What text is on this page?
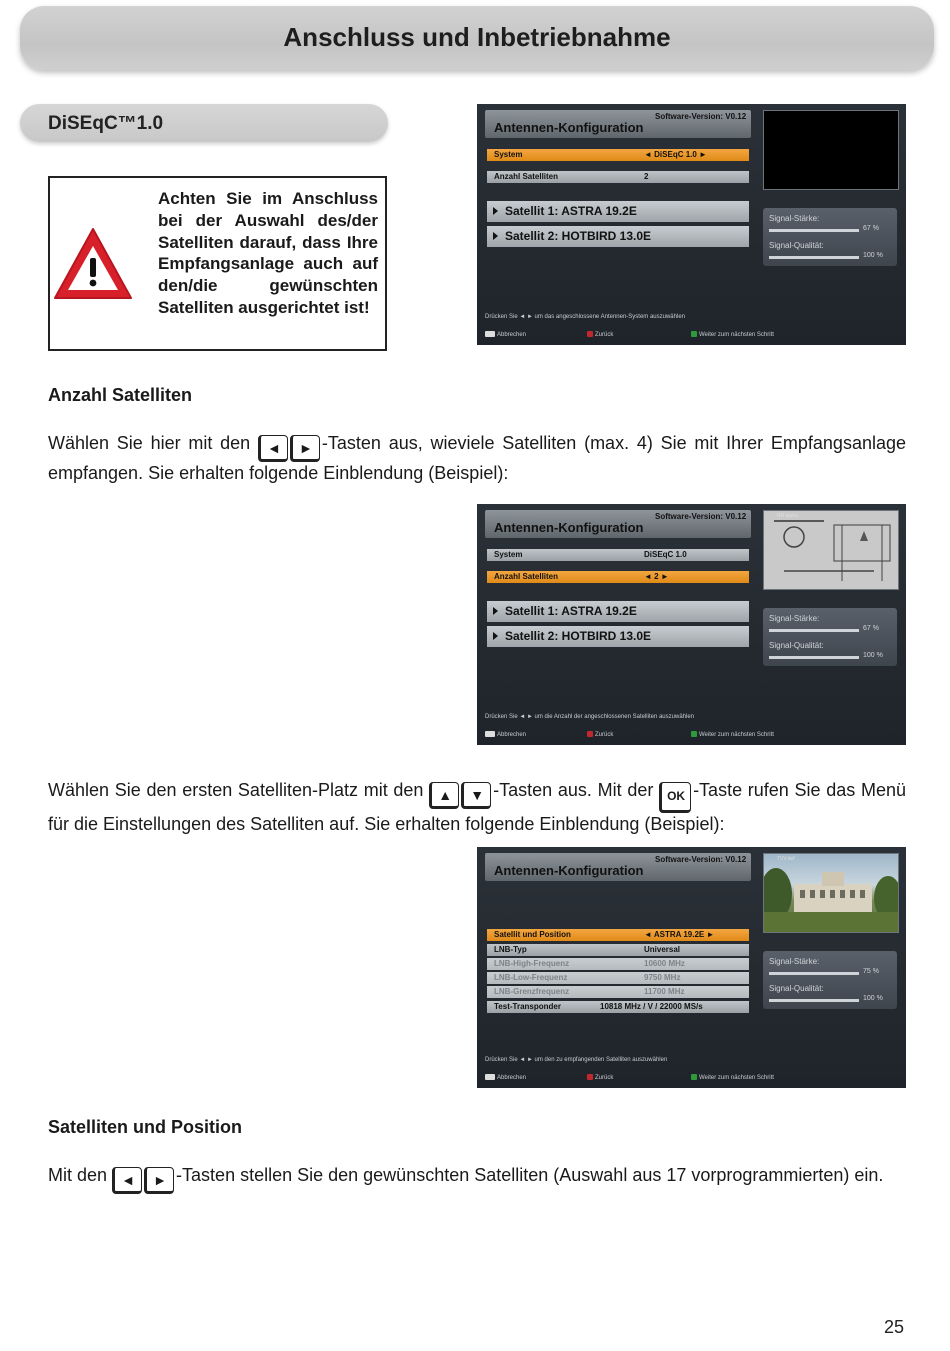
Anschluss und Inbetriebnahme
DiSEqC™1.0
Achten Sie im Anschluss bei der Auswahl des/der Satelliten darauf, dass Ihre Empfangsanlage auch auf den/die gewünschten Satelliten ausgerichtet ist!
Erstinstallation (4/8)
Antennen-Konfiguration
Software-Version: V0.12
System	◄ DiSEqC 1.0 ►
Anzahl Satelliten	2
Satellit 1: ASTRA 19.2E
Satellit 2: HOTBIRD 13.0E
Signal-Stärke:
67 %
Signal-Qualität:
100 %
Drücken Sie ◄ ► um das angeschlossene Antennen-System auszuwählen
Abbrechen	Zurück	Weiter zum nächsten Schritt
Anzahl Satelliten
Wählen Sie hier mit den ◄ ► -Tasten aus, wieviele Satelliten (max. 4) Sie mit Ihrer Empfangsanlage empfangen. Sie erhalten folgende Einblendung (Beispiel):
Erstinstallation (4/8)
Antennen-Konfiguration
Software-Version: V0.12	RR alpha
System	DiSEqC 1.0
Anzahl Satelliten	◄ 2 ►
Satellit 1: ASTRA 19.2E
Satellit 2: HOTBIRD 13.0E
Signal-Stärke:
67 %
Signal-Qualität:
100 %
Drücken Sie ◄ ► um die Anzahl der angeschlossenen Satelliten auszuwählen
Abbrechen	Zurück	Weiter zum nächsten Schritt
Wählen Sie den ersten Satelliten-Platz mit den ▲ ▼ -Tasten aus. Mit der OK -Taste rufen Sie das Menü für die Einstellungen des Satelliten auf. Sie erhalten folgende Einblendung (Beispiel):
Erstinstallation (4/8)
Antennen-Konfiguration
Software-Version: V0.12	TVV.def
Satellit und Position	◄ ASTRA 19.2E ►
LNB-Typ	Universal
LNB-High-Frequenz	10600 MHz
LNB-Low-Frequenz	9750 MHz
LNB-Grenzfrequenz	11700 MHz
Test-Transponder	10818 MHz / V / 22000 MS/s
Signal-Stärke:
75 %
Signal-Qualität:
100 %
Drücken Sie ◄ ► um den zu empfangenden Satelliten auszuwählen
Abbrechen	Zurück	Weiter zum nächsten Schritt
Satelliten und Position
Mit den ◄ ► -Tasten stellen Sie den gewünschten Satelliten (Auswahl aus 17 vorprogrammierten) ein.
25
